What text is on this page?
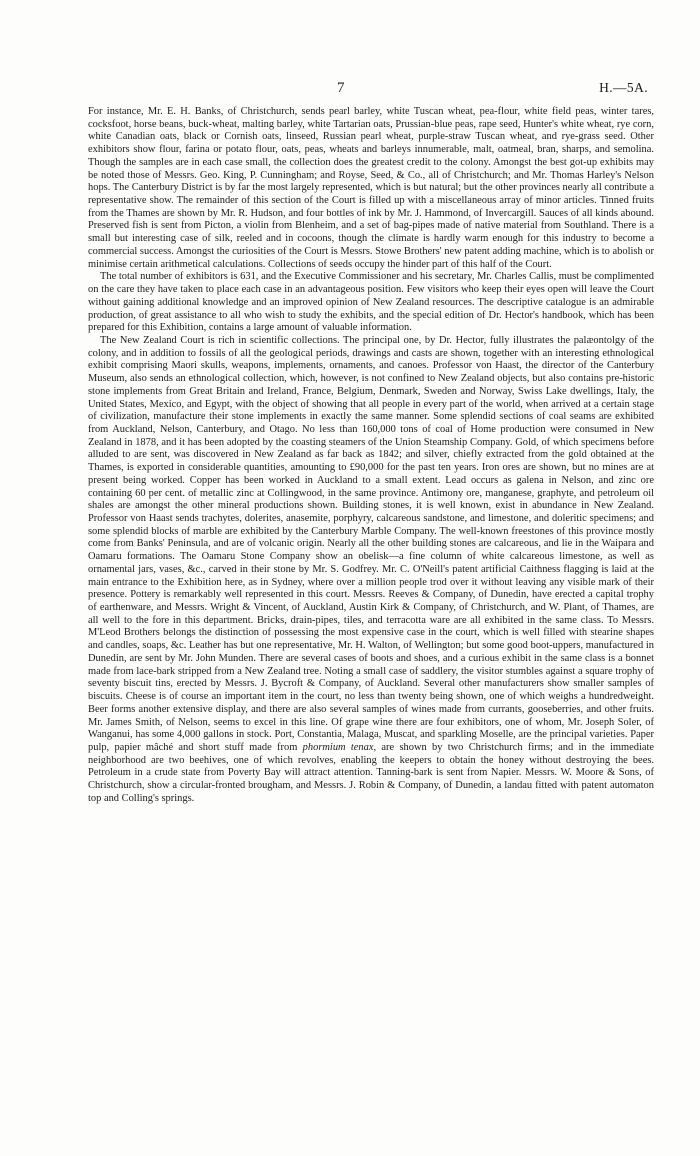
7	H.—5A.

For instance, Mr. E. H. Banks, of Christchurch, sends pearl barley, white Tuscan wheat, pea-flour, white field peas, winter tares, cocksfoot, horse beans, buck-wheat, malting barley, white Tartarian oats, Prussian-blue peas, rape seed, Hunter's white wheat, rye corn, white Canadian oats, black or Cornish oats, linseed, Russian pearl wheat, purple-straw Tuscan wheat, and rye-grass seed. Other exhibitors show flour, farina or potato flour, oats, peas, wheats and barleys innumerable, malt, oatmeal, bran, sharps, and semolina. Though the samples are in each case small, the collection does the greatest credit to the colony. Amongst the best got-up exhibits may be noted those of Messrs. Geo. King, P. Cunningham; and Royse, Seed, & Co., all of Christchurch; and Mr. Thomas Harley's Nelson hops. The Canterbury District is by far the most largely represented, which is but natural; but the other provinces nearly all contribute a representative show. The remainder of this section of the Court is filled up with a miscellaneous array of minor articles. Tinned fruits from the Thames are shown by Mr. R. Hudson, and four bottles of ink by Mr. J. Hammond, of Invercargill. Sauces of all kinds abound. Preserved fish is sent from Picton, a violin from Blenheim, and a set of bag-pipes made of native material from Southland. There is a small but interesting case of silk, reeled and in cocoons, though the climate is hardly warm enough for this industry to become a commercial success. Amongst the curiosities of the Court is Messrs. Stowe Brothers' new patent adding machine, which is to abolish or minimise certain arithmetical calculations. Collections of seeds occupy the hinder part of this half of the Court.

The total number of exhibitors is 631, and the Executive Commissioner and his secretary, Mr. Charles Callis, must be complimented on the care they have taken to place each case in an advantageous position. Few visitors who keep their eyes open will leave the Court without gaining additional knowledge and an improved opinion of New Zealand resources. The descriptive catalogue is an admirable production, of great assistance to all who wish to study the exhibits, and the special edition of Dr. Hector's handbook, which has been prepared for this Exhibition, contains a large amount of valuable information.

The New Zealand Court is rich in scientific collections. The principal one, by Dr. Hector, fully illustrates the palæontolgy of the colony, and in addition to fossils of all the geological periods, drawings and casts are shown, together with an interesting ethnological exhibit comprising Maori skulls, weapons, implements, ornaments, and canoes. Professor von Haast, the director of the Canterbury Museum, also sends an ethnological collection, which, however, is not confined to New Zealand objects, but also contains pre-historic stone implements from Great Britain and Ireland, France, Belgium, Denmark, Sweden and Norway, Swiss Lake dwellings, Italy, the United States, Mexico, and Egypt, with the object of showing that all people in every part of the world, when arrived at a certain stage of civilization, manufacture their stone implements in exactly the same manner. Some splendid sections of coal seams are exhibited from Auckland, Nelson, Canterbury, and Otago. No less than 160,000 tons of coal of Home production were consumed in New Zealand in 1878, and it has been adopted by the coasting steamers of the Union Steamship Company. Gold, of which specimens before alluded to are sent, was discovered in New Zealand as far back as 1842; and silver, chiefly extracted from the gold obtained at the Thames, is exported in considerable quantities, amounting to £90,000 for the past ten years. Iron ores are shown, but no mines are at present being worked. Copper has been worked in Auckland to a small extent. Lead occurs as galena in Nelson, and zinc ore containing 60 per cent. of metallic zinc at Collingwood, in the same province. Antimony ore, manganese, graphyte, and petroleum oil shales are amongst the other mineral productions shown. Building stones, it is well known, exist in abundance in New Zealand. Professor von Haast sends trachytes, dolerites, anasemite, porphyry, calcareous sandstone, and limestone, and doleritic specimens; and some splendid blocks of marble are exhibited by the Canterbury Marble Company. The well-known freestones of this province mostly come from Banks' Peninsula, and are of volcanic origin. Nearly all the other building stones are calcareous, and lie in the Waipara and Oamaru formations. The Oamaru Stone Company show an obelisk—a fine column of white calcareous limestone, as well as ornamental jars, vases, &c., carved in their stone by Mr. S. Godfrey. Mr. C. O'Neill's patent artificial Caithness flagging is laid at the main entrance to the Exhibition here, as in Sydney, where over a million people trod over it without leaving any visible mark of their presence. Pottery is remarkably well represented in this court. Messrs. Reeves & Company, of Dunedin, have erected a capital trophy of earthenware, and Messrs. Wright & Vincent, of Auckland, Austin Kirk & Company, of Christchurch, and W. Plant, of Thames, are all well to the fore in this department. Bricks, drain-pipes, tiles, and terracotta ware are all exhibited in the same class. To Messrs. M'Leod Brothers belongs the distinction of possessing the most expensive case in the court, which is well filled with stearine shapes and candles, soaps, &c. Leather has but one representative, Mr. H. Walton, of Wellington; but some good boot-uppers, manufactured in Dunedin, are sent by Mr. John Munden. There are several cases of boots and shoes, and a curious exhibit in the same class is a bonnet made from lace-bark stripped from a New Zealand tree. Noting a small case of saddlery, the visitor stumbles against a square trophy of seventy biscuit tins, erected by Messrs. J. Bycroft & Company, of Auckland. Several other manufacturers show smaller samples of biscuits. Cheese is of course an important item in the court, no less than twenty being shown, one of which weighs a hundredweight. Beer forms another extensive display, and there are also several samples of wines made from currants, gooseberries, and other fruits. Mr. James Smith, of Nelson, seems to excel in this line. Of grape wine there are four exhibitors, one of whom, Mr. Joseph Soler, of Wanganui, has some 4,000 gallons in stock. Port, Constantia, Malaga, Muscat, and sparkling Moselle, are the principal varieties. Paper pulp, papier mâché and short stuff made from phormium tenax, are shown by two Christchurch firms; and in the immediate neighborhood are two beehives, one of which revolves, enabling the keepers to obtain the honey without destroying the bees. Petroleum in a crude state from Poverty Bay will attract attention. Tanning-bark is sent from Napier. Messrs. W. Moore & Sons, of Christchurch, show a circular-fronted brougham, and Messrs. J. Robin & Company, of Dunedin, a landau fitted with patent automaton top and Colling's springs.
